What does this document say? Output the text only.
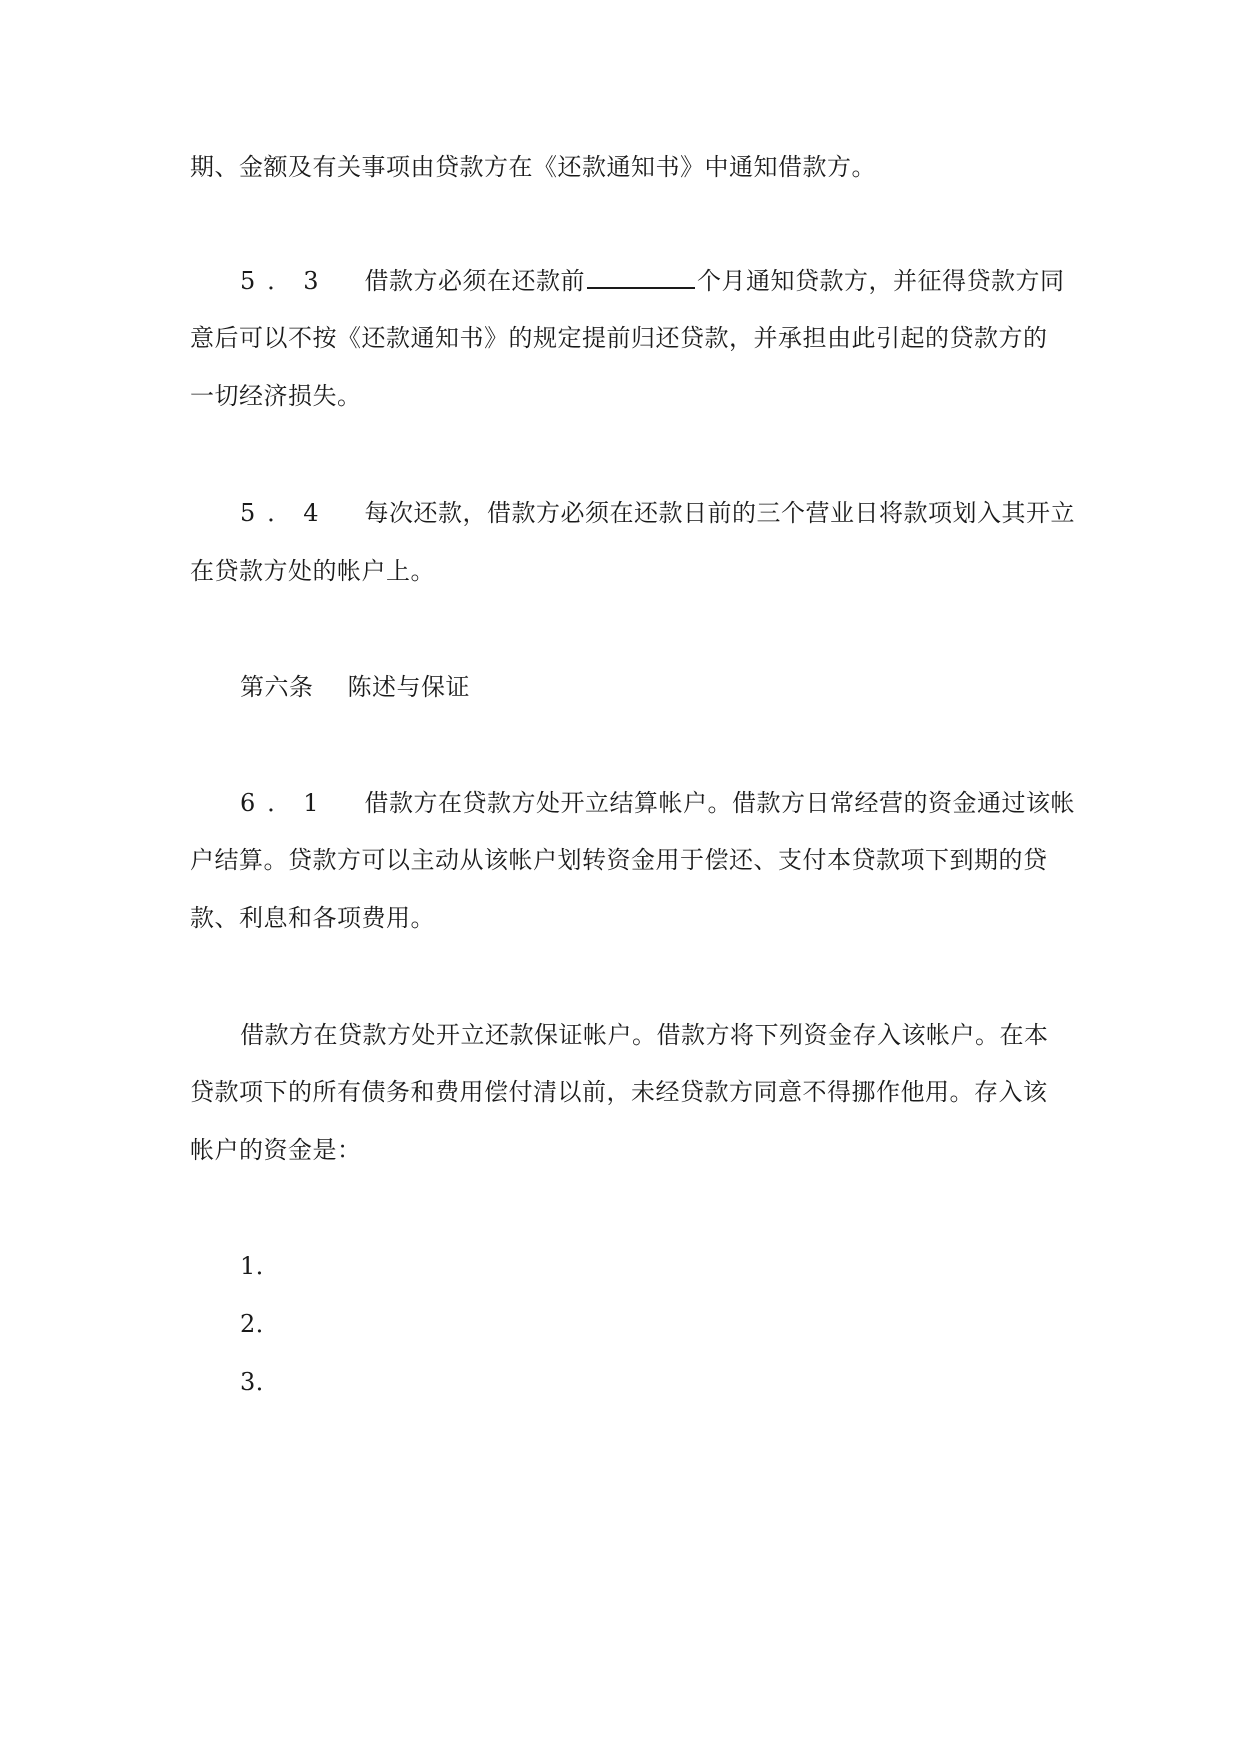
期、金额及有关事项由贷款方在《还款通知书》中通知借款方。
5．3 借款方必须在还款前	个月通知贷款方，并征得贷款方同
意后可以不按《还款通知书》的规定提前归还贷款，并承担由此引起的贷款方的
一切经济损失。
5．4 每次还款，借款方必须在还款日前的三个营业日将款项划入其开立
在贷款方处的帐户上。
第六条 陈述与保证
6．1 借款方在贷款方处开立结算帐户。借款方日常经营的资金通过该帐
户结算。贷款方可以主动从该帐户划转资金用于偿还、支付本贷款项下到期的贷
款、利息和各项费用。
借款方在贷款方处开立还款保证帐户。借款方将下列资金存入该帐户。在本
贷款项下的所有债务和费用偿付清以前，未经贷款方同意不得挪作他用。存入该
帐户的资金是：
1．
2．
3．
